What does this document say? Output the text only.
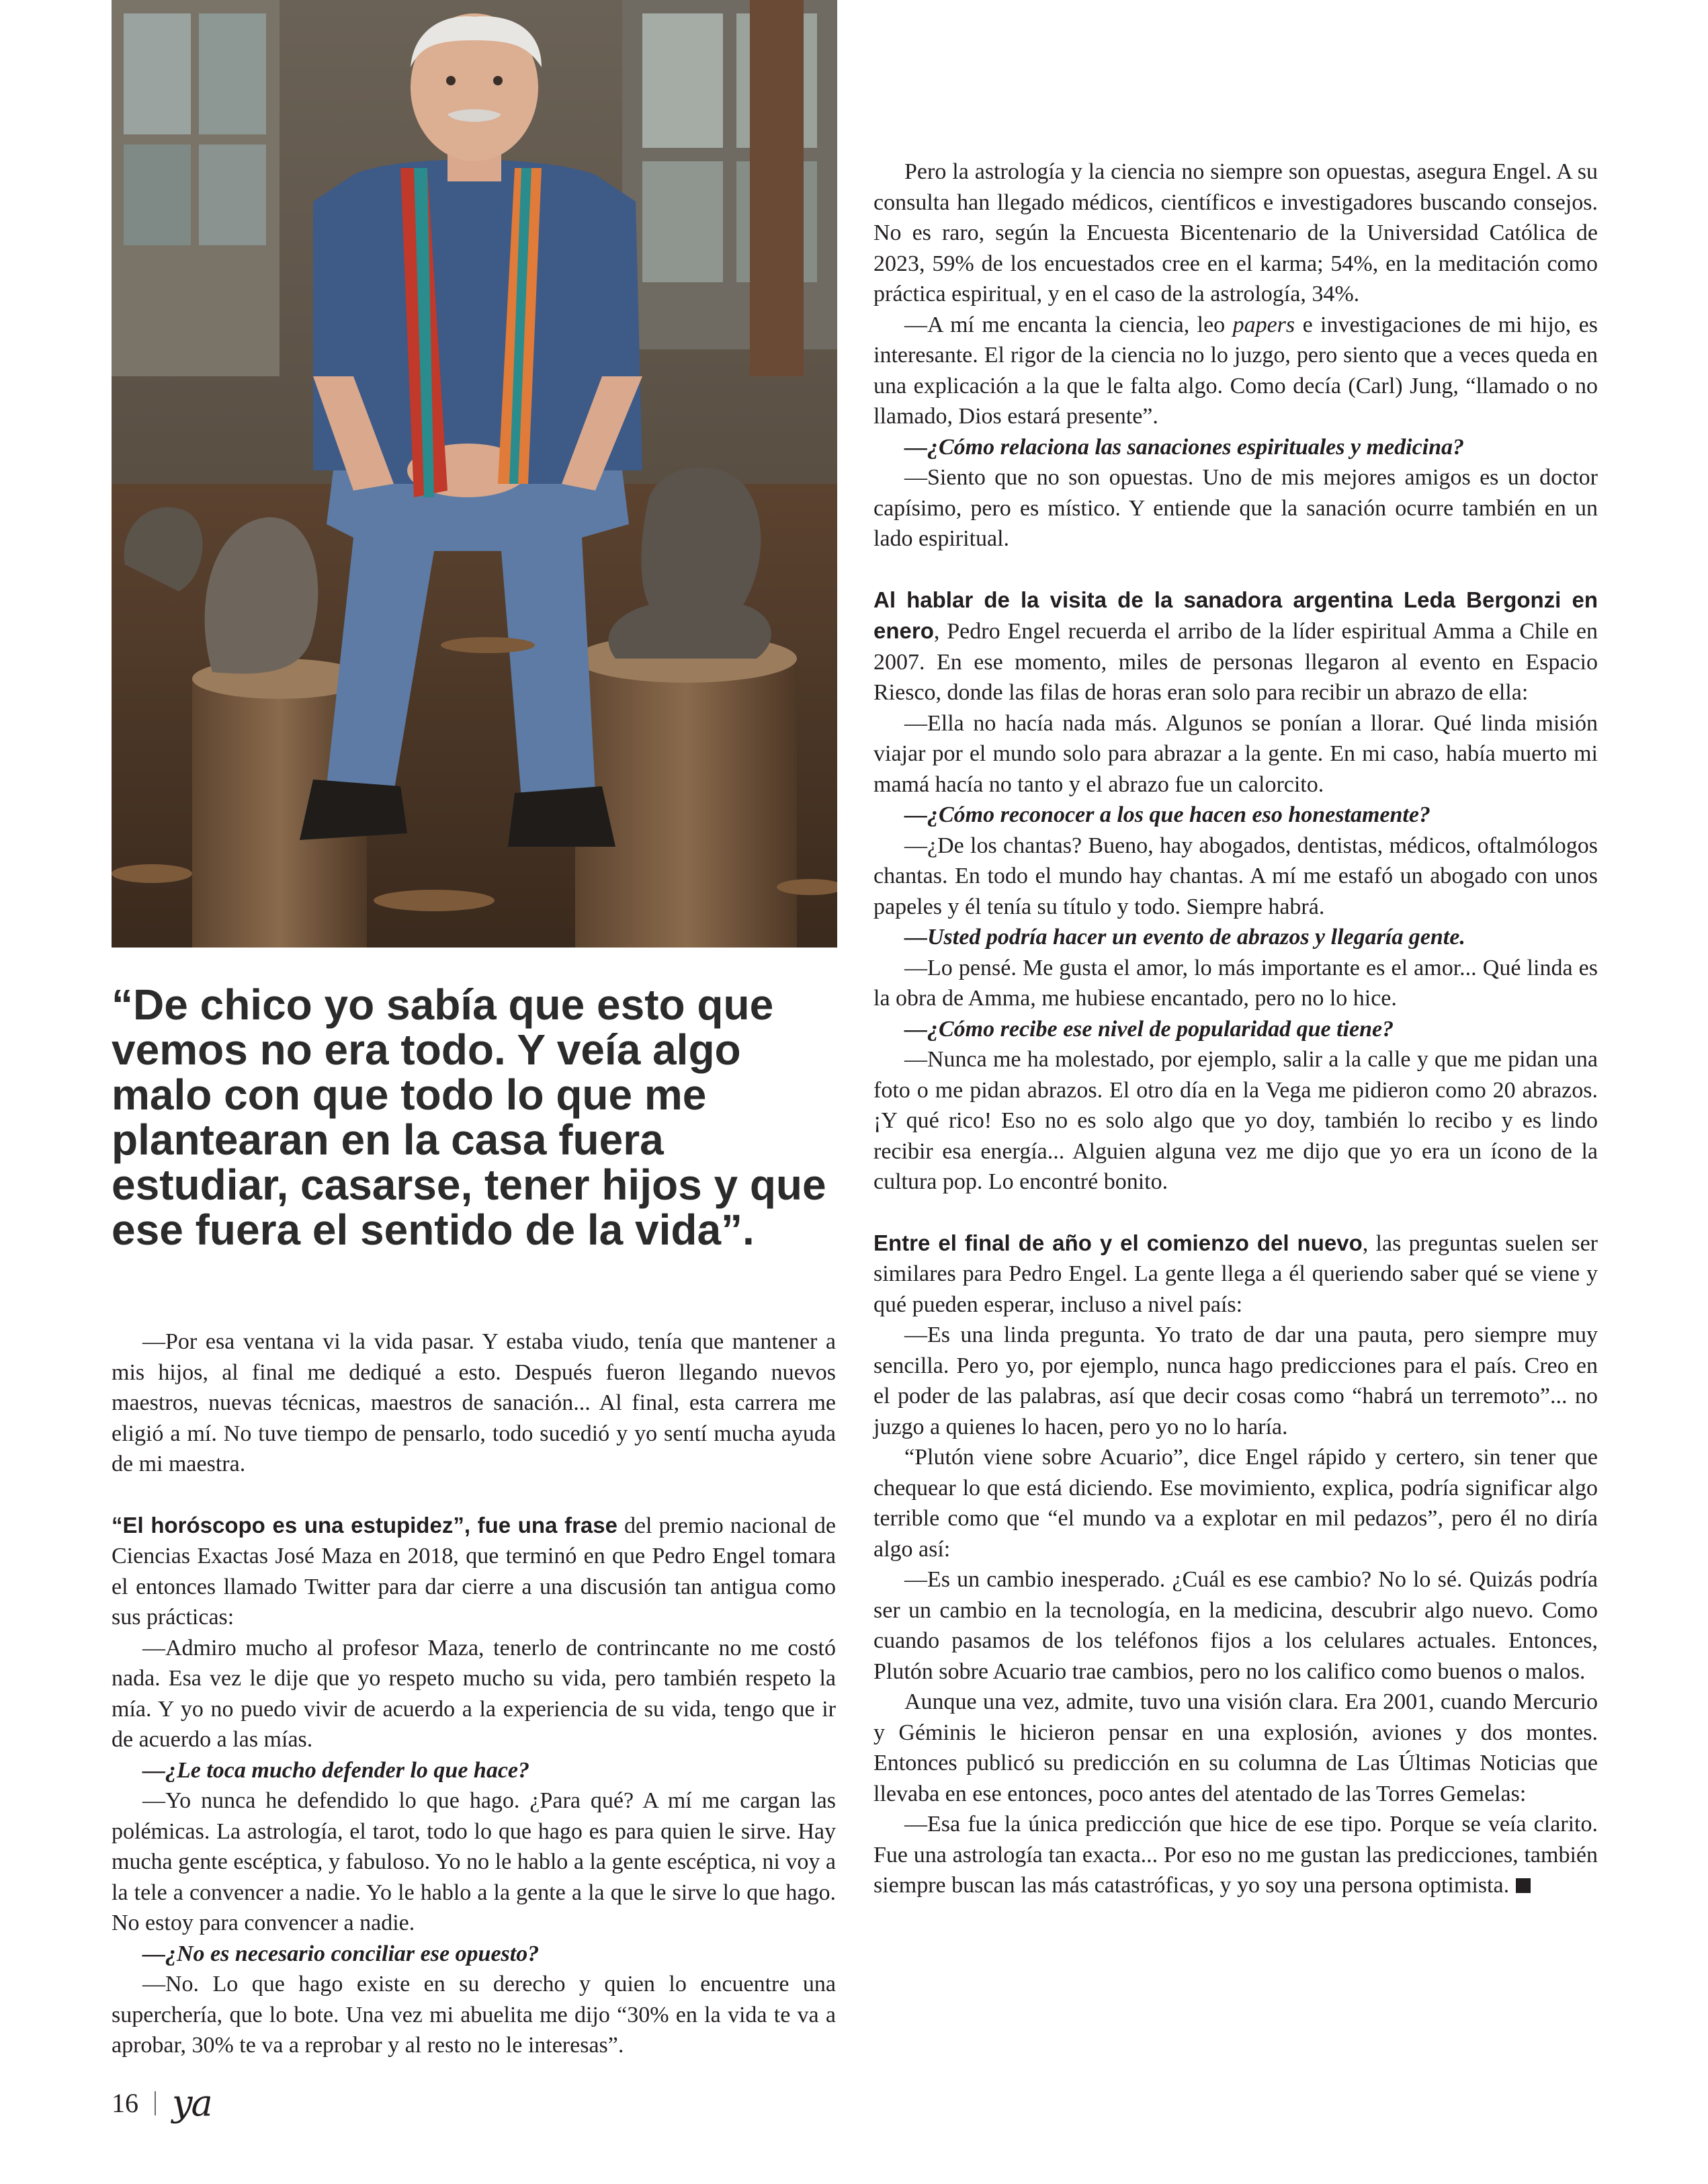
“De chico yo sabía que esto que vemos no era todo. Y veía algo malo con que todo lo que me plantearan en la casa fuera estudiar, casarse, tener hijos y que ese fuera el sentido de la vida”.

—Por esa ventana vi la vida pasar. Y estaba viudo, tenía que mantener a mis hijos, al final me dediqué a esto. Después fueron llegando nuevos maestros, nuevas técnicas, maestros de sanación... Al final, esta carrera me eligió a mí. No tuve tiempo de pensarlo, todo sucedió y yo sentí mucha ayuda de mi maestra.

“El horóscopo es una estupidez”, fue una frase del premio nacional de Ciencias Exactas José Maza en 2018, que terminó en que Pedro Engel tomara el entonces llamado Twitter para dar cierre a una discusión tan antigua como sus prácticas:

—Admiro mucho al profesor Maza, tenerlo de contrincante no me costó nada. Esa vez le dije que yo respeto mucho su vida, pero también respeto la mía. Y yo no puedo vivir de acuerdo a la experiencia de su vida, tengo que ir de acuerdo a las mías.

—¿Le toca mucho defender lo que hace?

—Yo nunca he defendido lo que hago. ¿Para qué? A mí me cargan las polémicas. La astrología, el tarot, todo lo que hago es para quien le sirve. Hay mucha gente escéptica, y fabuloso. Yo no le hablo a la gente escéptica, ni voy a la tele a convencer a nadie. Yo le hablo a la gente a la que le sirve lo que hago. No estoy para convencer a nadie.

—¿No es necesario conciliar ese opuesto?

—No. Lo que hago existe en su derecho y quien lo encuentre una superchería, que lo bote. Una vez mi abuelita me dijo “30% en la vida te va a aprobar, 30% te va a reprobar y al resto no le interesas”.

Pero la astrología y la ciencia no siempre son opuestas, asegura Engel. A su consulta han llegado médicos, científicos e investigadores buscando consejos. No es raro, según la Encuesta Bicentenario de la Universidad Católica de 2023, 59% de los encuestados cree en el karma; 54%, en la meditación como práctica espiritual, y en el caso de la astrología, 34%.

—A mí me encanta la ciencia, leo papers e investigaciones de mi hijo, es interesante. El rigor de la ciencia no lo juzgo, pero siento que a veces queda en una explicación a la que le falta algo. Como decía (Carl) Jung, “llamado o no llamado, Dios estará presente”.

—¿Cómo relaciona las sanaciones espirituales y medicina?

—Siento que no son opuestas. Uno de mis mejores amigos es un doctor capísimo, pero es místico. Y entiende que la sanación ocurre también en un lado espiritual.

Al hablar de la visita de la sanadora argentina Leda Bergonzi en enero, Pedro Engel recuerda el arribo de la líder espiritual Amma a Chile en 2007. En ese momento, miles de personas llegaron al evento en Espacio Riesco, donde las filas de horas eran solo para recibir un abrazo de ella:

—Ella no hacía nada más. Algunos se ponían a llorar. Qué linda misión viajar por el mundo solo para abrazar a la gente. En mi caso, había muerto mi mamá hacía no tanto y el abrazo fue un calorcito.

—¿Cómo reconocer a los que hacen eso honestamente?

—¿De los chantas? Bueno, hay abogados, dentistas, médicos, oftalmólogos chantas. En todo el mundo hay chantas. A mí me estafó un abogado con unos papeles y él tenía su título y todo. Siempre habrá.

—Usted podría hacer un evento de abrazos y llegaría gente.

—Lo pensé. Me gusta el amor, lo más importante es el amor... Qué linda es la obra de Amma, me hubiese encantado, pero no lo hice.

—¿Cómo recibe ese nivel de popularidad que tiene?

—Nunca me ha molestado, por ejemplo, salir a la calle y que me pidan una foto o me pidan abrazos. El otro día en la Vega me pidieron como 20 abrazos. ¡Y qué rico! Eso no es solo algo que yo doy, también lo recibo y es lindo recibir esa energía... Alguien alguna vez me dijo que yo era un ícono de la cultura pop. Lo encontré bonito.

Entre el final de año y el comienzo del nuevo, las preguntas suelen ser similares para Pedro Engel. La gente llega a él queriendo saber qué se viene y qué pueden esperar, incluso a nivel país:

—Es una linda pregunta. Yo trato de dar una pauta, pero siempre muy sencilla. Pero yo, por ejemplo, nunca hago predicciones para el país. Creo en el poder de las palabras, así que decir cosas como “habrá un terremoto”... no juzgo a quienes lo hacen, pero yo no lo haría.

“Plutón viene sobre Acuario”, dice Engel rápido y certero, sin tener que chequear lo que está diciendo. Ese movimiento, explica, podría significar algo terrible como que “el mundo va a explotar en mil pedazos”, pero él no diría algo así:

—Es un cambio inesperado. ¿Cuál es ese cambio? No lo sé. Quizás podría ser un cambio en la tecnología, en la medicina, descubrir algo nuevo. Como cuando pasamos de los teléfonos fijos a los celulares actuales. Entonces, Plutón sobre Acuario trae cambios, pero no los califico como buenos o malos.

Aunque una vez, admite, tuvo una visión clara. Era 2001, cuando Mercurio y Géminis le hicieron pensar en una explosión, aviones y dos montes. Entonces publicó su predicción en su columna de Las Últimas Noticias que llevaba en ese entonces, poco antes del atentado de las Torres Gemelas:

—Esa fue la única predicción que hice de ese tipo. Porque se veía clarito. Fue una astrología tan exacta... Por eso no me gustan las predicciones, también siempre buscan las más catastróficas, y yo soy una persona optimista.

16 ya
